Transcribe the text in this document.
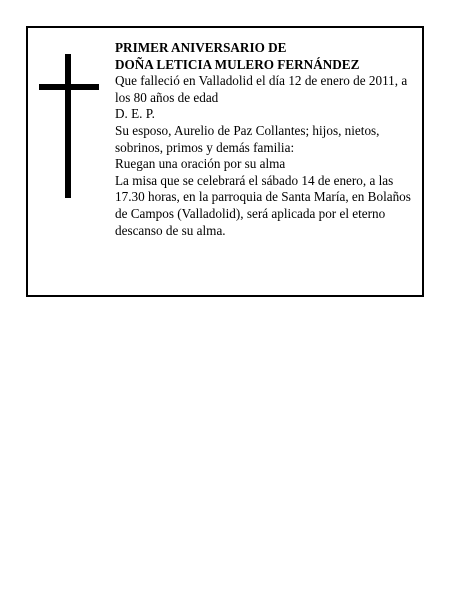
PRIMER ANIVERSARIO DE

DOÑA LETICIA MULERO FERNÁNDEZ

Que falleció en Valladolid el día 12 de enero de 2011, a los 80 años de edad

D. E. P.

Su esposo, Aurelio de Paz Collantes; hijos, nietos, sobrinos, primos y demás familia:

Ruegan una oración por su alma

La misa que se celebrará el sábado 14 de enero, a las 17.30 horas, en la parroquia de Santa María, en Bolaños de Campos (Valladolid), será aplicada por el eterno descanso de su alma.
